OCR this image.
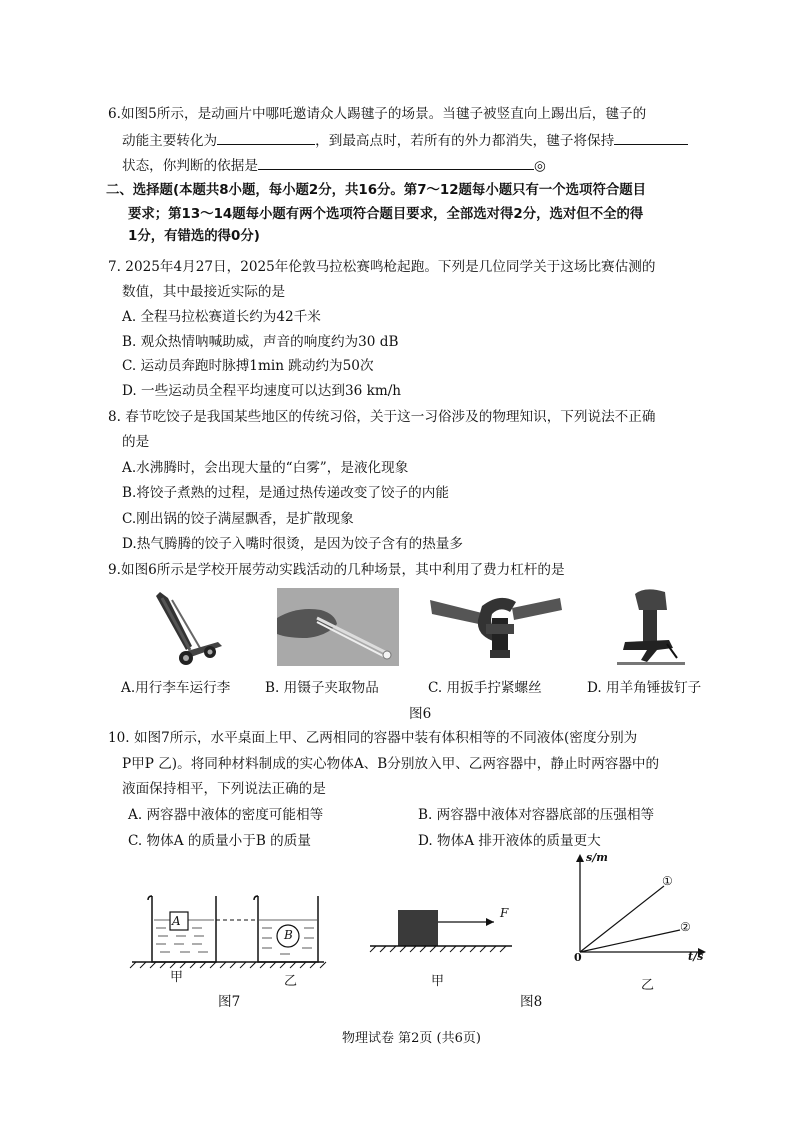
6.如图5所示，是动画片中哪吒邀请众人踢毽子的场景。当毽子被竖直向上踢出后，毽子的
动能主要转化为	，到最高点时，若所有的外力都消失，毽子将保持
状态，你判断的依据是	◎
二、选择题(本题共8小题，每小题2分，共16分。第7～12题每小题只有一个选项符合题目
要求；第13～14题每小题有两个选项符合题目要求，全部选对得2分，选对但不全的得
1分，有错选的得0分)
7. 2025年4月27日，2025年伦敦马拉松赛鸣枪起跑。下列是几位同学关于这场比赛估测的
数值，其中最接近实际的是
A. 全程马拉松赛道长约为42千米
B. 观众热情呐喊助威，声音的响度约为30 dB
C. 运动员奔跑时脉搏1min 跳动约为50次
D. 一些运动员全程平均速度可以达到36 km/h
8. 春节吃饺子是我国某些地区的传统习俗，关于这一习俗涉及的物理知识，下列说法不正确
的是
A.水沸腾时，会出现大量的“白雾”，是液化现象
B.将饺子煮熟的过程，是通过热传递改变了饺子的内能
C.刚出锅的饺子满屋飘香，是扩散现象
D.热气腾腾的饺子入嘴时很烫，是因为饺子含有的热量多
9.如图6所示是学校开展劳动实践活动的几种场景，其中利用了费力杠杆的是
A.用行李车运行李	B. 用镊子夹取物品	C. 用扳手拧紧螺丝	D. 用羊角锤拔钉子
图6
10. 如图7所示，水平桌面上甲、乙两相同的容器中装有体积相等的不同液体(密度分别为
P甲P 乙)。将同种材料制成的实心物体A、B分别放入甲、乙两容器中，静止时两容器中的
液面保持相平，下列说法正确的是
A. 两容器中液体的密度可能相等	B. 两容器中液体对容器底部的压强相等
C. 物体A 的质量小于B 的质量	D. 物体A 排开液体的质量更大
A
B
甲	乙
图7
F
甲
s/m
t/s
0
①
②
乙
图8
物理试卷 第2页 (共6页)
